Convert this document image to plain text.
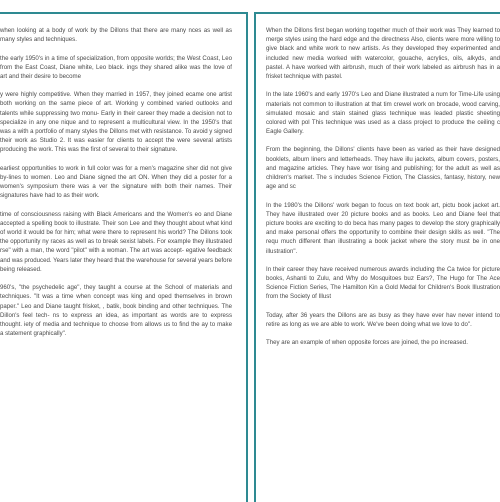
when looking at a body of work by the Dillons that there are many nces as well as many styles and techniques.

the early 1950's in a time of specialization, from opposite worlds; the West Coast, Leo from the East Coast, Diane white, Leo black. ings they shared alike was the love of art and their desire to become

y were highly competitive. When they married in 1957, they joined ecame one artist both working on the same piece of art. Working y combined varied outlooks and talents while suppressing two monu- Early in their career they made a decision not to specialize in any one nique and to represent a multicultural view. In the 1950's that was a with a portfolio of many styles the Dillons met with resistance. To avoid y signed their work as Studio 2. It was easier for clients to accept the were several artists producing the work. This was the first of several to their signature.

earliest opportunities to work in full color was for a men's magazine sher did not give by-lines to women. Leo and Diane signed the art ON. When they did a poster for a women's symposium there was a ver the signature with both their names. Their signatures have had to as their work.

time of consciousness raising with Black Americans and the Women's eo and Diane accepted a spelling book to illustrate. Their son Lee and they thought about what kind of world it would be for him; what were there to represent his world? The Dillons took the opportunity ny races as well as to break sexist labels. For example they illustrated rse" with a man, the word "pilot" with a woman. The art was accept- egative feedback and was produced. Years later they heard that the warehouse for several years before being released.

960's, "the psychedelic age", they taught a course at the School of materials and techniques. "It was a time when concept was king and oped themselves in brown paper." Leo and Diane taught frisket, , batik, book binding and other techniques. The Dillon's feel tech- ns to express an idea, as important as words are to express thought. iety of media and technique to choose from allows us to find the ay to make a statement graphically".

When the Dillons first began working together much of their work was They learned to merge styles using the hard edge and the directness Also, clients were more willing to give black and white work to new artists. As they developed they experimented and included new media worked with watercolor, gouache, acrylics, oils, alkyds, and pastel. A have worked with airbrush, much of their work labeled as airbrush has in a frisket technique with pastel.

In the late 1960's and early 1970's Leo and Diane illustrated a num for Time-Life using materials not common to illustration at that tim crewel work on brocade, wood carving, simulated mosaic and stain stained glass technique was leaded plastic sheeting colored with pol This technique was used as a class project to produce the ceiling c Eagle Gallery.

From the beginning, the Dillons' clients have been as varied as their have designed booklets, album liners and letterheads. They have illu jackets, album covers, posters, and magazine articles. They have wor tising and publishing; for the adult as well as children's market. The s includes Science Fiction, The Classics, fantasy, history, new age and sc

In the 1980's the Dillons' work began to focus on text book art, pictu book jacket art. They have illustrated over 20 picture books and as books. Leo and Diane feel that picture books are exciting to do beca has many pages to develop the story graphically and make personal offers the opportunity to combine their design skills as well. "The requ much different than illustrating a book jacket where the story must be in one illustration".

In their career they have received numerous awards including the Ca twice for picture books, Ashanti to Zulu, and Why do Mosquitoes buz Ears?, The Hugo for The Ace Science Fiction Series, The Hamilton Kin a Gold Medal for Children's Book Illustration from the Society of Illust

Today, after 36 years the Dillons are as busy as they have ever hav never intend to retire as long as we are able to work. We've been doing what we love to do".

They are an example of when opposite forces are joined, the po increased.
